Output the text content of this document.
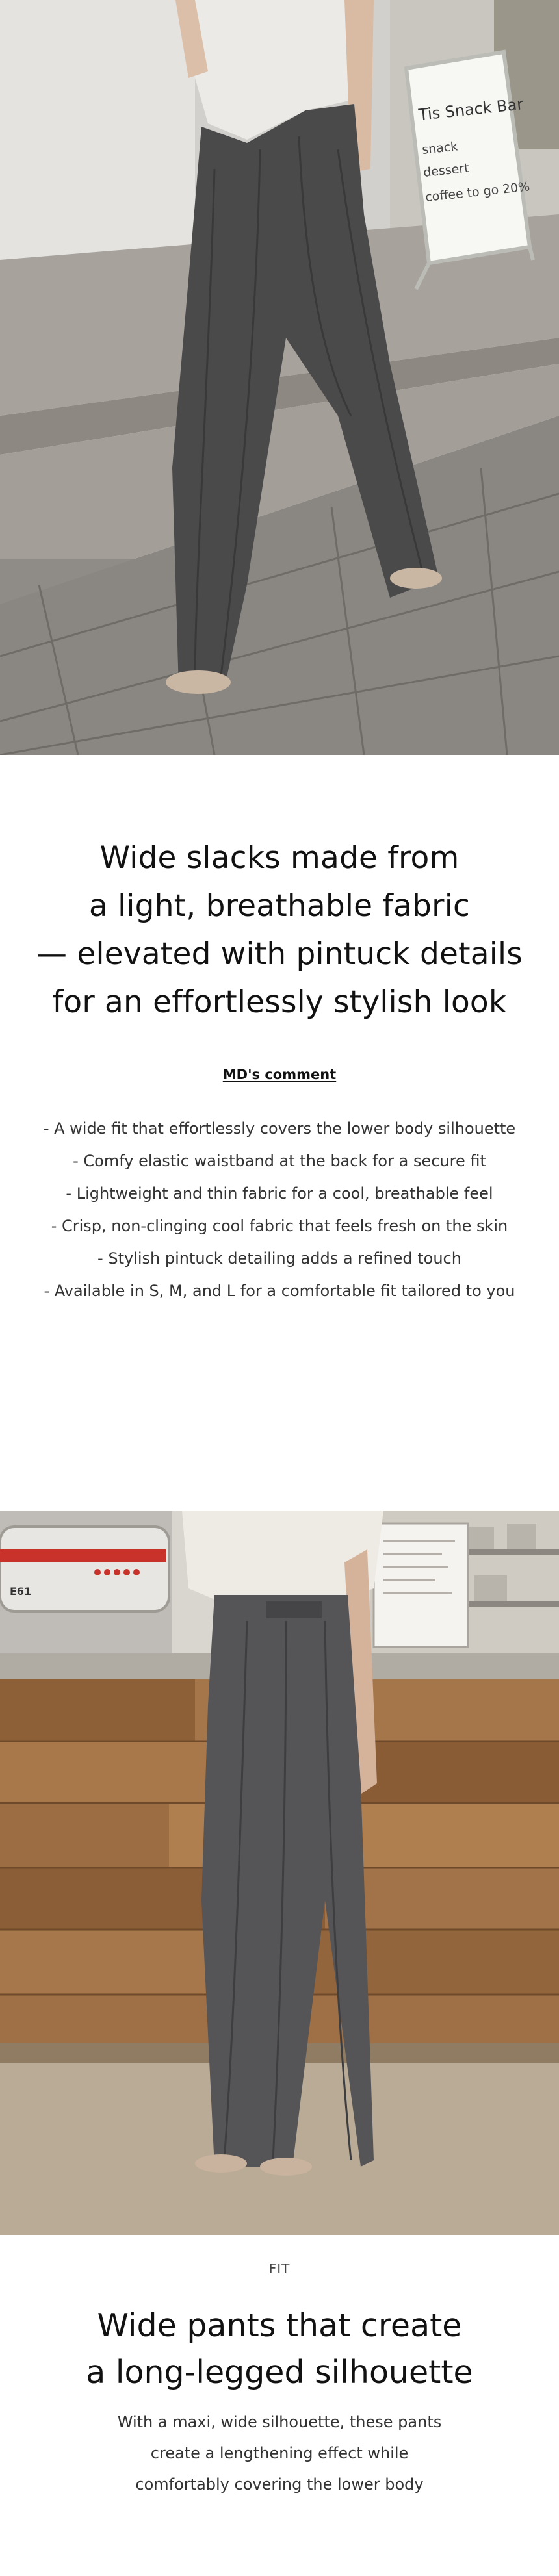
Tis Snack Bar
snack
dessert
coffee to go 20%
Wide slacks made from
a light, breathable fabric
— elevated with pintuck details
for an effortlessly stylish look
MD's comment
- A wide fit that effortlessly covers the lower body silhouette
- Comfy elastic waistband at the back for a secure fit
- Lightweight and thin fabric for a cool, breathable feel
- Crisp, non-clinging cool fabric that feels fresh on the skin
- Stylish pintuck detailing adds a refined touch
- Available in S, M, and L for a comfortable fit tailored to you
E61
FIT
Wide pants that create
a long-legged silhouette

With a maxi, wide silhouette, these pants
create a lengthening effect while
comfortably covering the lower body
